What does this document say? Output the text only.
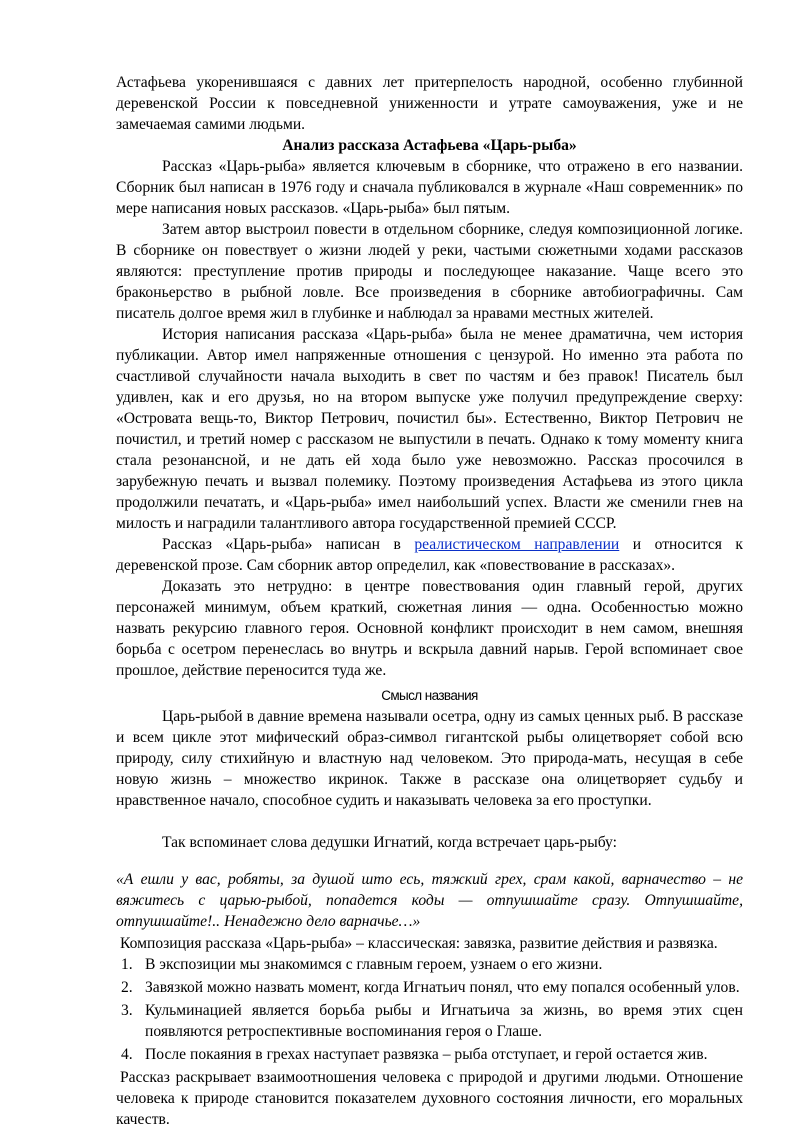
Астафьева укоренившаяся с давних лет притерпелость народной, особенно глубинной деревенской России к повседневной униженности и утрате самоуважения, уже и не замечаемая самими людьми.

Анализ рассказа Астафьева «Царь-рыба»

Рассказ «Царь-рыба» является ключевым в сборнике, что отражено в его названии. Сборник был написан в 1976 году и сначала публиковался в журнале «Наш современник» по мере написания новых рассказов. «Царь-рыба» был пятым.

Затем автор выстроил повести в отдельном сборнике, следуя композиционной логике. В сборнике он повествует о жизни людей у реки, частыми сюжетными ходами рассказов являются: преступление против природы и последующее наказание. Чаще всего это браконьерство в рыбной ловле. Все произведения в сборнике автобиографичны. Сам писатель долгое время жил в глубинке и наблюдал за нравами местных жителей.

История написания рассказа «Царь-рыба» была не менее драматична, чем история публикации. Автор имел напряженные отношения с цензурой. Но именно эта работа по счастливой случайности начала выходить в свет по частям и без правок! Писатель был удивлен, как и его друзья, но на втором выпуске уже получил предупреждение сверху: «Островата вещь-то, Виктор Петрович, почистил бы». Естественно, Виктор Петрович не почистил, и третий номер с рассказом не выпустили в печать. Однако к тому моменту книга стала резонансной, и не дать ей хода было уже невозможно. Рассказ просочился в зарубежную печать и вызвал полемику. Поэтому произведения Астафьева из этого цикла продолжили печатать, и «Царь-рыба» имел наибольший успех. Власти же сменили гнев на милость и наградили талантливого автора государственной премией СССР.

Рассказ «Царь-рыба» написан в реалистическом направлении и относится к деревенской прозе. Сам сборник автор определил, как «повествование в рассказах».

Доказать это нетрудно: в центре повествования один главный герой, других персонажей минимум, объем краткий, сюжетная линия — одна. Особенностью можно назвать рекурсию главного героя. Основной конфликт происходит в нем самом, внешняя борьба с осетром перенеслась во внутрь и вскрыла давний нарыв. Герой вспоминает свое прошлое, действие переносится туда же.

Смысл названия

Царь-рыбой в давние времена называли осетра, одну из самых ценных рыб. В рассказе и всем цикле этот мифический образ-символ гигантской рыбы олицетворяет собой всю природу, силу стихийную и властную над человеком. Это природа-мать, несущая в себе новую жизнь – множество икринок. Также в рассказе она олицетворяет судьбу и нравственное начало, способное судить и наказывать человека за его проступки.

Так вспоминает слова дедушки Игнатий, когда встречает царь-рыбу:

«А ешли у вас, робяты, за душой што есь, тяжкий грех, срам какой, варначество – не вяжитесь с царью-рыбой, попадется коды — отпушшайте сразу. Отпушшайте, отпушшайте!.. Ненадежно дело варначье…»

Композиция рассказа «Царь-рыба» – классическая: завязка, развитие действия и развязка.

1. В экспозиции мы знакомимся с главным героем, узнаем о его жизни.
2. Завязкой можно назвать момент, когда Игнатьич понял, что ему попался особенный улов.
3. Кульминацией является борьба рыбы и Игнатьича за жизнь, во время этих сцен появляются ретроспективные воспоминания героя о Глаше.
4. После покаяния в грехах наступает развязка – рыба отступает, и герой остается жив.

Рассказ раскрывает взаимоотношения человека с природой и другими людьми. Отношение человека к природе становится показателем духовного состояния личности, его моральных качеств.
